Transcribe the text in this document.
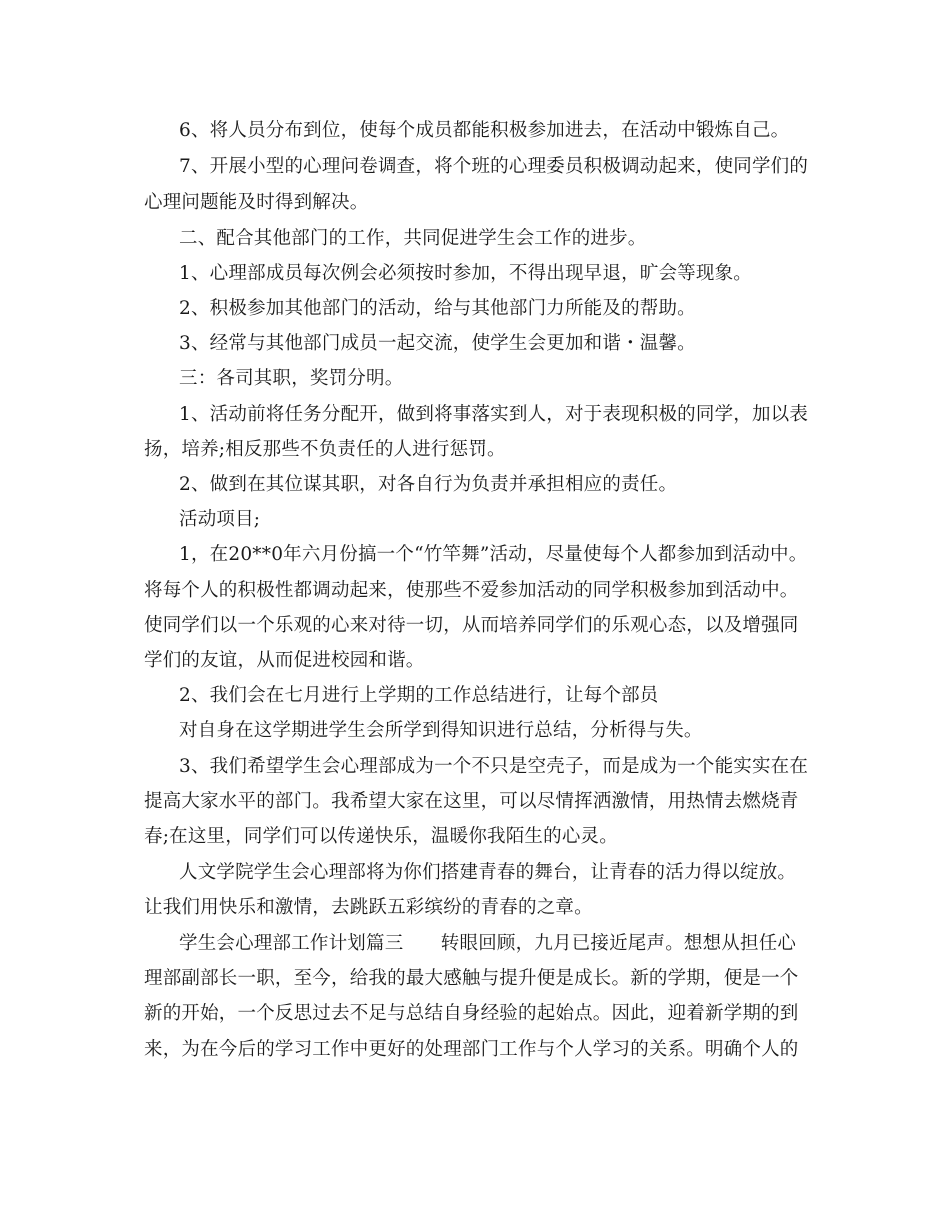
6、将人员分布到位，使每个成员都能积极参加进去，在活动中锻炼自己。
7、开展小型的心理问卷调查，将个班的心理委员积极调动起来，使同学们的
心理问题能及时得到解决。
二、配合其他部门的工作，共同促进学生会工作的进步。
1、心理部成员每次例会必须按时参加，不得出现早退，旷会等现象。
2、积极参加其他部门的活动，给与其他部门力所能及的帮助。
3、经常与其他部门成员一起交流，使学生会更加和谐・温馨。
三：各司其职，奖罚分明。
1、活动前将任务分配开，做到将事落实到人，对于表现积极的同学，加以表
扬，培养;相反那些不负责任的人进行惩罚。
2、做到在其位谋其职，对各自行为负责并承担相应的责任。
活动项目;
1，在20**0年六月份搞一个“竹竿舞”活动，尽量使每个人都参加到活动中。
将每个人的积极性都调动起来，使那些不爱参加活动的同学积极参加到活动中。
使同学们以一个乐观的心来对待一切，从而培养同学们的乐观心态，以及增强同
学们的友谊，从而促进校园和谐。
2、我们会在七月进行上学期的工作总结进行，让每个部员
对自身在这学期进学生会所学到得知识进行总结，分析得与失。
3、我们希望学生会心理部成为一个不只是空壳子，而是成为一个能实实在在
提高大家水平的部门。我希望大家在这里，可以尽情挥洒激情，用热情去燃烧青
春;在这里，同学们可以传递快乐，温暖你我陌生的心灵。
人文学院学生会心理部将为你们搭建青春的舞台，让青春的活力得以绽放。
让我们用快乐和激情，去跳跃五彩缤纷的青春的之章。
学生会心理部工作计划篇三　　转眼回顾，九月已接近尾声。想想从担任心
理部副部长一职，至今，给我的最大感触与提升便是成长。新的学期，便是一个
新的开始，一个反思过去不足与总结自身经验的起始点。因此，迎着新学期的到
来，为在今后的学习工作中更好的处理部门工作与个人学习的关系。明确个人的
